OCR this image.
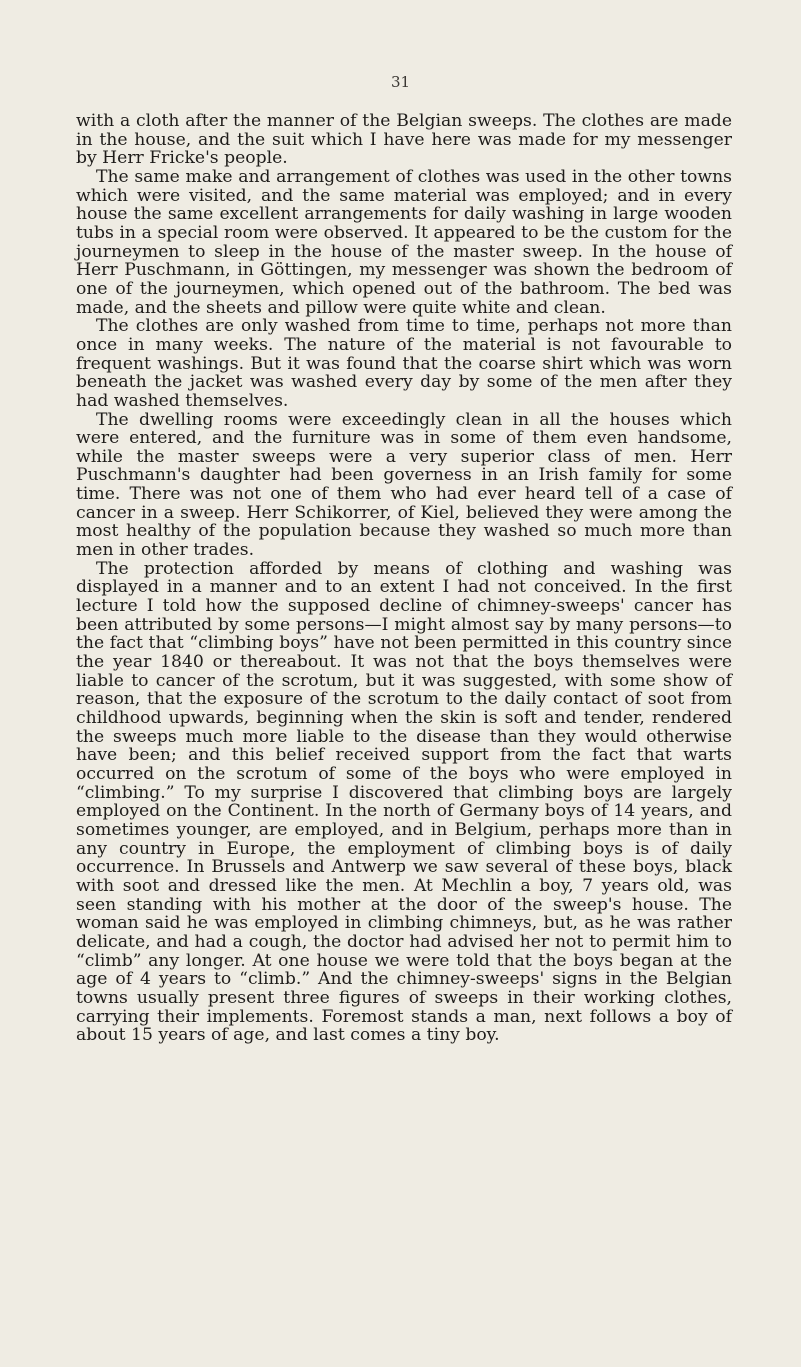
31

with a cloth after the manner of the Belgian sweeps. The clothes are made in the house, and the suit which I have here was made for my messenger by Herr Fricke's people.

The same make and arrangement of clothes was used in the other towns which were visited, and the same material was employed; and in every house the same excellent arrangements for daily washing in large wooden tubs in a special room were observed. It appeared to be the custom for the journeymen to sleep in the house of the master sweep. In the house of Herr Puschmann, in Göttingen, my messenger was shown the bedroom of one of the journeymen, which opened out of the bathroom. The bed was made, and the sheets and pillow were quite white and clean.

The clothes are only washed from time to time, perhaps not more than once in many weeks. The nature of the material is not favourable to frequent washings. But it was found that the coarse shirt which was worn beneath the jacket was washed every day by some of the men after they had washed themselves.

The dwelling rooms were exceedingly clean in all the houses which were entered, and the furniture was in some of them even handsome, while the master sweeps were a very superior class of men. Herr Puschmann's daughter had been governess in an Irish family for some time. There was not one of them who had ever heard tell of a case of cancer in a sweep. Herr Schikorrer, of Kiel, believed they were among the most healthy of the population because they washed so much more than men in other trades.

The protection afforded by means of clothing and washing was displayed in a manner and to an extent I had not conceived. In the first lecture I told how the supposed decline of chimney-sweeps' cancer has been attributed by some persons—I might almost say by many persons—to the fact that “climbing boys” have not been permitted in this country since the year 1840 or thereabout. It was not that the boys themselves were liable to cancer of the scrotum, but it was suggested, with some show of reason, that the exposure of the scrotum to the daily contact of soot from childhood upwards, beginning when the skin is soft and tender, rendered the sweeps much more liable to the disease than they would otherwise have been; and this belief received support from the fact that warts occurred on the scrotum of some of the boys who were employed in “climbing.” To my surprise I discovered that climbing boys are largely employed on the Continent. In the north of Germany boys of 14 years, and sometimes younger, are employed, and in Belgium, perhaps more than in any country in Europe, the employment of climbing boys is of daily occurrence. In Brussels and Antwerp we saw several of these boys, black with soot and dressed like the men. At Mechlin a boy, 7 years old, was seen standing with his mother at the door of the sweep's house. The woman said he was employed in climbing chimneys, but, as he was rather delicate, and had a cough, the doctor had advised her not to permit him to “climb” any longer. At one house we were told that the boys began at the age of 4 years to “climb.” And the chimney-sweeps' signs in the Belgian towns usually present three figures of sweeps in their working clothes, carrying their implements. Foremost stands a man, next follows a boy of about 15 years of age, and last comes a tiny boy.
